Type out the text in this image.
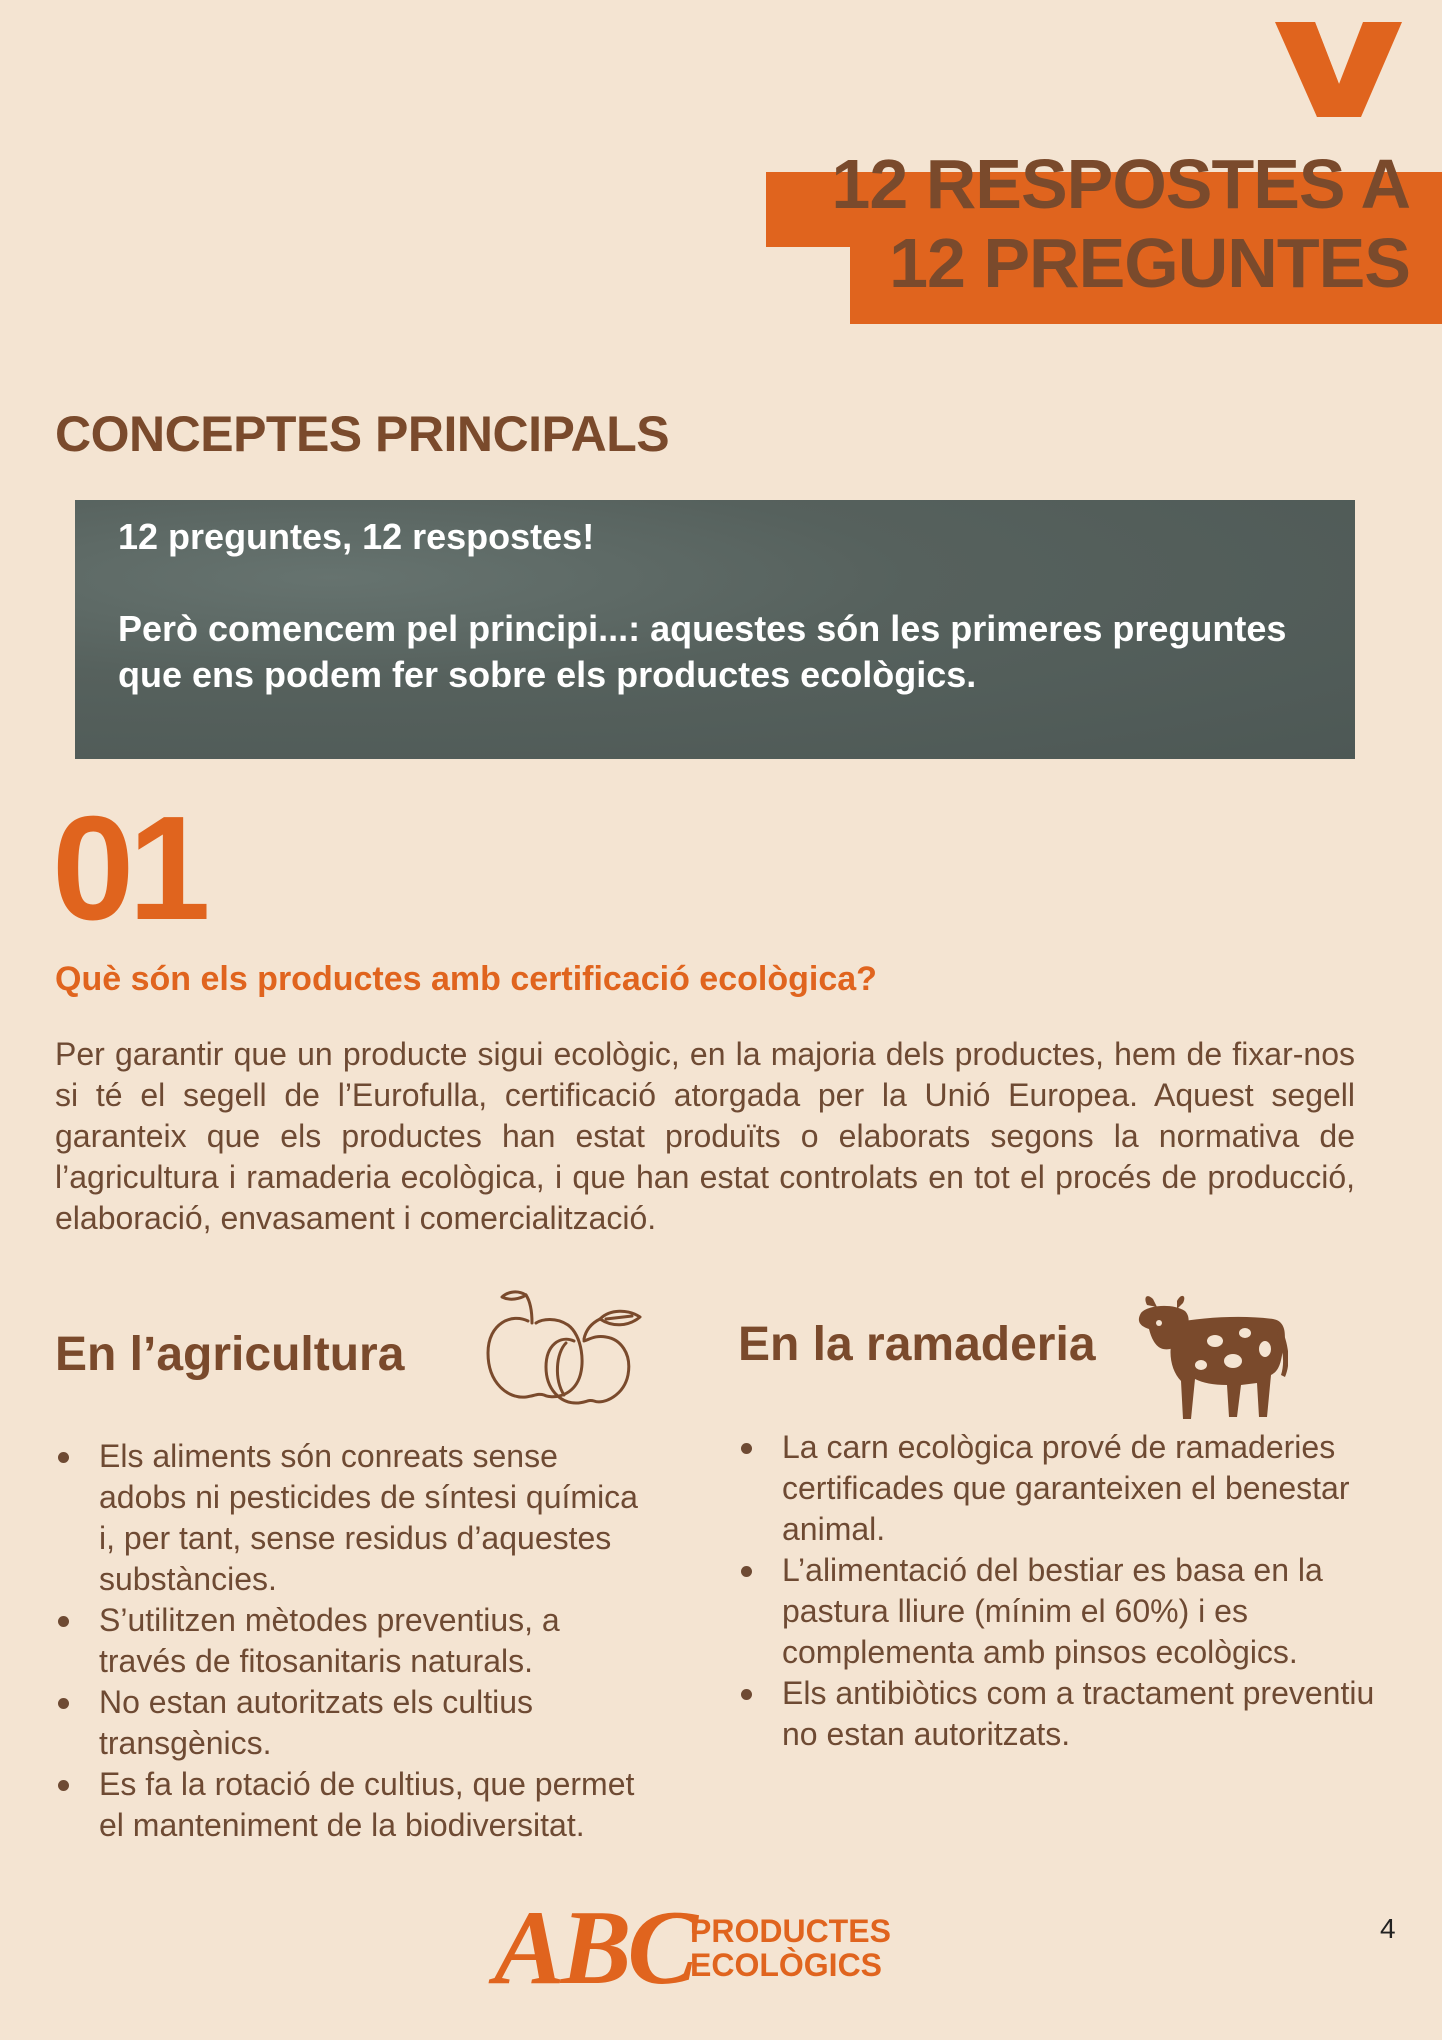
12 RESPOSTES A
12 PREGUNTES
CONCEPTES PRINCIPALS

12 preguntes, 12 respostes!

Però comencem pel principi...: aquestes són les primeres preguntes que ens podem fer sobre els productes ecològics.

01
Què són els productes amb certificació ecològica?

Per garantir que un producte sigui ecològic, en la majoria dels productes, hem de fixar-nos si té el segell de l’Eurofulla, certificació atorgada per la Unió Europea. Aquest segell garanteix que els productes han estat produïts o elaborats segons la normativa de l’agricultura i ramaderia ecològica, i que han estat controlats en tot el procés de producció, elaboració, envasament i comercialització.

En l’agricultura
Els aliments són conreats sense adobs ni pesticides de síntesi química i, per tant, sense residus d’aquestes substàncies.
S’utilitzen mètodes preventius, a través de fitosanitaris naturals.
No estan autoritzats els cultius transgènics.
Es fa la rotació de cultius, que permet el manteniment de la biodiversitat.
En la ramaderia
La carn ecològica prové de ramaderies certificades que garanteixen el benestar animal.
L’alimentació del bestiar es basa en la pastura lliure (mínim el 60%) i es complementa amb pinsos ecològics.
Els antibiòtics com a tractament preventiu no estan autoritzats.
ABC
PRODUCTES
ECOLÒGICS
4
